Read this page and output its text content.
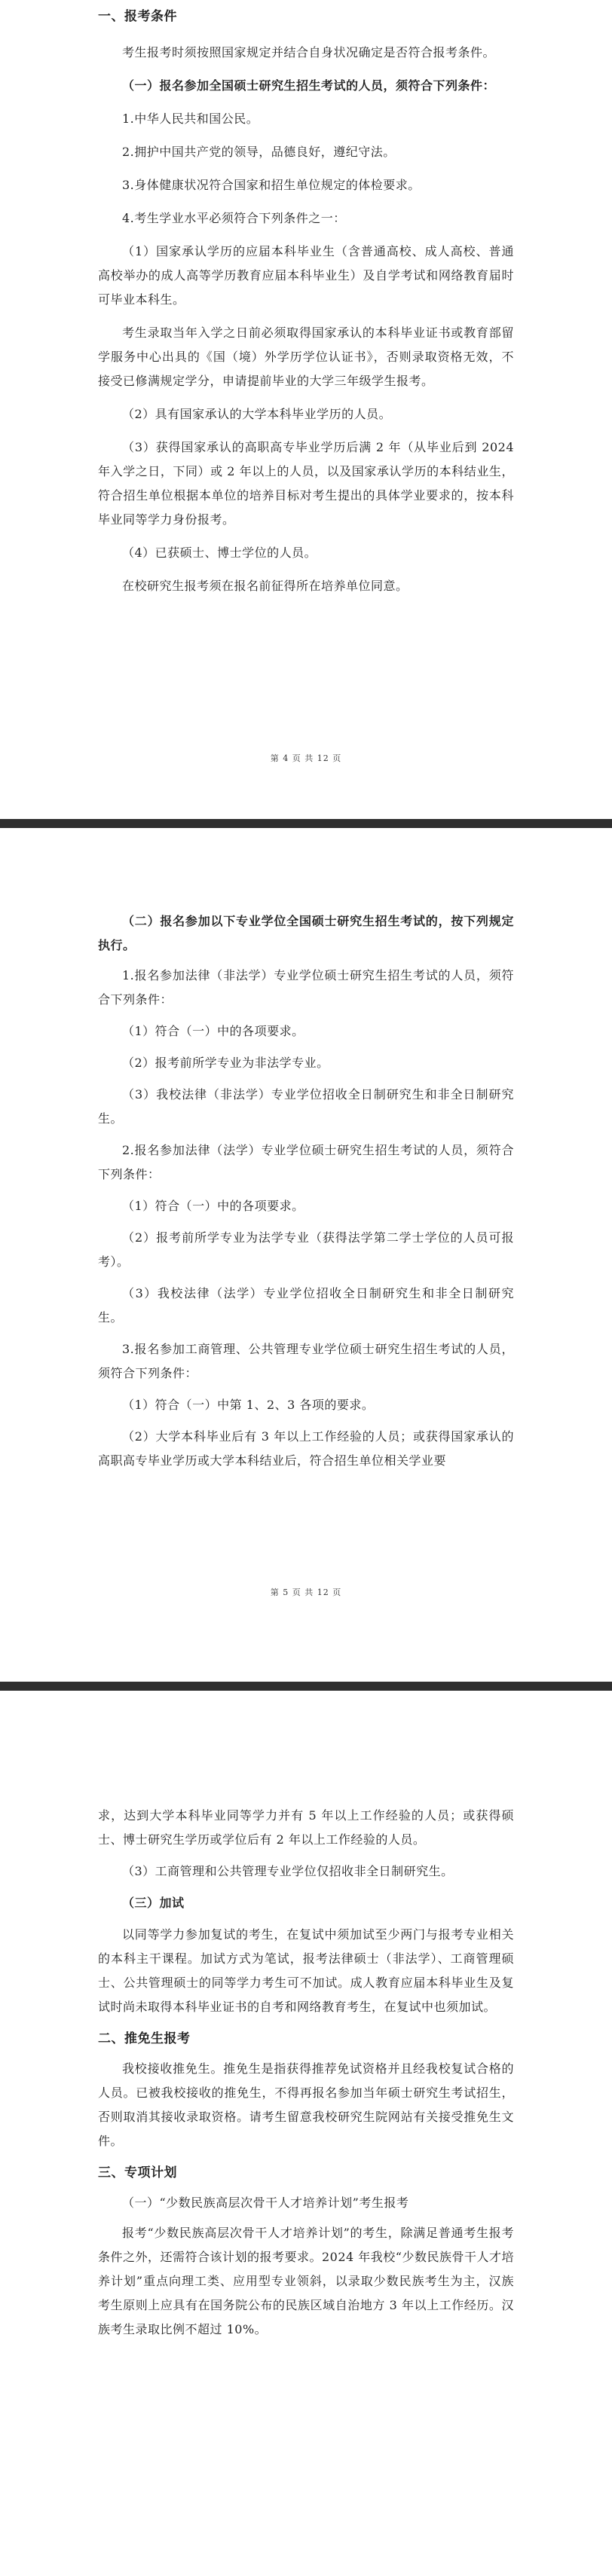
一、报考条件

考生报考时须按照国家规定并结合自身状况确定是否符合报考条件。

（一）报名参加全国硕士研究生招生考试的人员，须符合下列条件：

1.中华人民共和国公民。

2.拥护中国共产党的领导，品德良好，遵纪守法。

3.身体健康状况符合国家和招生单位规定的体检要求。

4.考生学业水平必须符合下列条件之一：

（1）国家承认学历的应届本科毕业生（含普通高校、成人高校、普通高校举办的成人高等学历教育应届本科毕业生）及自学考试和网络教育届时可毕业本科生。

考生录取当年入学之日前必须取得国家承认的本科毕业证书或教育部留学服务中心出具的《国（境）外学历学位认证书》，否则录取资格无效，不接受已修满规定学分，申请提前毕业的大学三年级学生报考。

（2）具有国家承认的大学本科毕业学历的人员。

（3）获得国家承认的高职高专毕业学历后满 2 年（从毕业后到 2024 年入学之日，下同）或 2 年以上的人员，以及国家承认学历的本科结业生，符合招生单位根据本单位的培养目标对考生提出的具体学业要求的，按本科毕业同等学力身份报考。

（4）已获硕士、博士学位的人员。

在校研究生报考须在报名前征得所在培养单位同意。

第 4 页 共 12 页

（二）报名参加以下专业学位全国硕士研究生招生考试的，按下列规定执行。

1.报名参加法律（非法学）专业学位硕士研究生招生考试的人员，须符合下列条件：

（1）符合（一）中的各项要求。

（2）报考前所学专业为非法学专业。

（3）我校法律（非法学）专业学位招收全日制研究生和非全日制研究生。

2.报名参加法律（法学）专业学位硕士研究生招生考试的人员，须符合下列条件：

（1）符合（一）中的各项要求。

（2）报考前所学专业为法学专业（获得法学第二学士学位的人员可报考）。

（3）我校法律（法学）专业学位招收全日制研究生和非全日制研究生。

3.报名参加工商管理、公共管理专业学位硕士研究生招生考试的人员，须符合下列条件：

（1）符合（一）中第 1、2、3 各项的要求。

（2）大学本科毕业后有 3 年以上工作经验的人员；或获得国家承认的高职高专毕业学历或大学本科结业后，符合招生单位相关学业要

第 5 页 共 12 页

求，达到大学本科毕业同等学力并有 5 年以上工作经验的人员；或获得硕士、博士研究生学历或学位后有 2 年以上工作经验的人员。

（3）工商管理和公共管理专业学位仅招收非全日制研究生。

（三）加试

以同等学力参加复试的考生，在复试中须加试至少两门与报考专业相关的本科主干课程。加试方式为笔试，报考法律硕士（非法学）、工商管理硕士、公共管理硕士的同等学力考生可不加试。成人教育应届本科毕业生及复试时尚未取得本科毕业证书的自考和网络教育考生，在复试中也须加试。

二、推免生报考

我校接收推免生。推免生是指获得推荐免试资格并且经我校复试合格的人员。已被我校接收的推免生，不得再报名参加当年硕士研究生考试招生，否则取消其接收录取资格。请考生留意我校研究生院网站有关接受推免生文件。

三、专项计划

（一）“少数民族高层次骨干人才培养计划”考生报考

报考“少数民族高层次骨干人才培养计划”的考生，除满足普通考生报考条件之外，还需符合该计划的报考要求。2024 年我校“少数民族骨干人才培养计划”重点向理工类、应用型专业领斜，以录取少数民族考生为主，汉族考生原则上应具有在国务院公布的民族区域自治地方 3 年以上工作经历。汉族考生录取比例不超过 10%。
